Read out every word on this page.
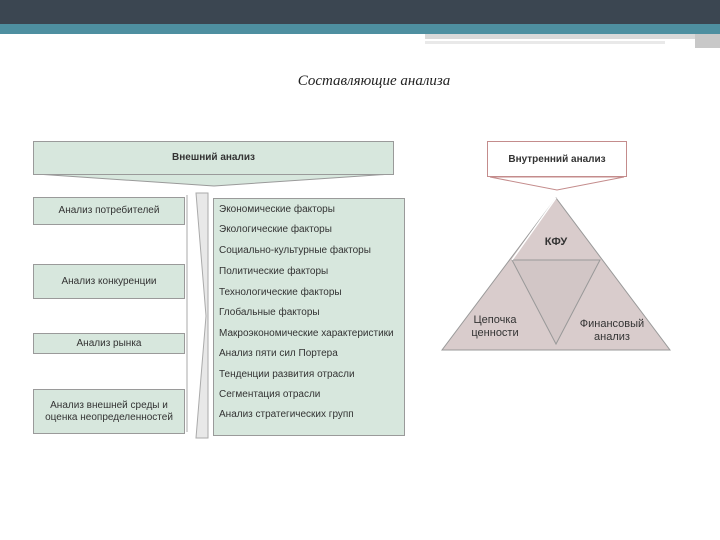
Составляющие анализа
Внешний анализ
Анализ потребителей
Анализ конкуренции
Анализ рынка
Анализ внешней среды и оценка неопределенностей
Экономические факторы
Экологические факторы
Социально-культурные факторы
Политические факторы
Технологические факторы
Глобальные факторы
Макроэкономические характеристики
Анализ пяти сил Портера
Тенденции развития отрасли
Сегментация отрасли
Анализ стратегических групп
Внутренний анализ
КФУ
Цепочка ценности
Финансовый анализ
